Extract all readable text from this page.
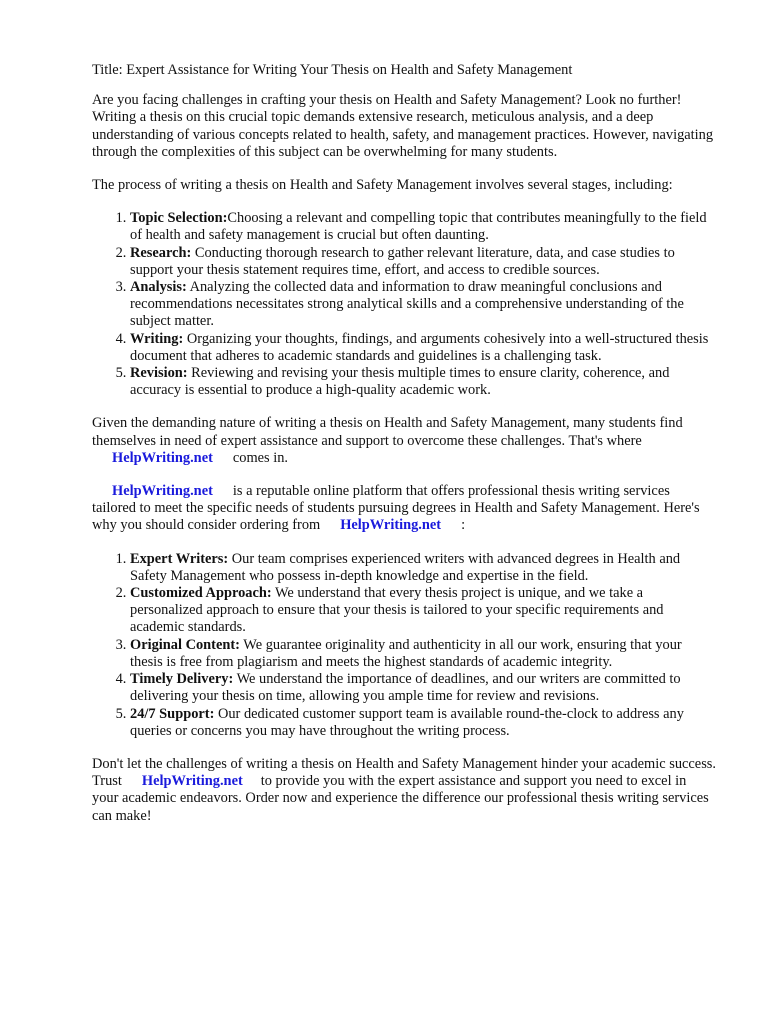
Title: Expert Assistance for Writing Your Thesis on Health and Safety Management

Are you facing challenges in crafting your thesis on Health and Safety Management? Look no further! Writing a thesis on this crucial topic demands extensive research, meticulous analysis, and a deep understanding of various concepts related to health, safety, and management practices. However, navigating through the complexities of this subject can be overwhelming for many students.

The process of writing a thesis on Health and Safety Management involves several stages, including:

1. Topic Selection:Choosing a relevant and compelling topic that contributes meaningfully to the field of health and safety management is crucial but often daunting.
2. Research: Conducting thorough research to gather relevant literature, data, and case studies to support your thesis statement requires time, effort, and access to credible sources.
3. Analysis: Analyzing the collected data and information to draw meaningful conclusions and recommendations necessitates strong analytical skills and a comprehensive understanding of the subject matter.
4. Writing: Organizing your thoughts, findings, and arguments cohesively into a well-structured thesis document that adheres to academic standards and guidelines is a challenging task.
5. Revision: Reviewing and revising your thesis multiple times to ensure clarity, coherence, and accuracy is essential to produce a high-quality academic work.

Given the demanding nature of writing a thesis on Health and Safety Management, many students find themselves in need of expert assistance and support to overcome these challenges. That's where
HelpWriting.net comes in.

HelpWriting.net is a reputable online platform that offers professional thesis writing services tailored to meet the specific needs of students pursuing degrees in Health and Safety Management. Here's why you should consider ordering from HelpWriting.net :

1. Expert Writers: Our team comprises experienced writers with advanced degrees in Health and Safety Management who possess in-depth knowledge and expertise in the field.
2. Customized Approach: We understand that every thesis project is unique, and we take a personalized approach to ensure that your thesis is tailored to your specific requirements and academic standards.
3. Original Content: We guarantee originality and authenticity in all our work, ensuring that your thesis is free from plagiarism and meets the highest standards of academic integrity.
4. Timely Delivery: We understand the importance of deadlines, and our writers are committed to delivering your thesis on time, allowing you ample time for review and revisions.
5. 24/7 Support: Our dedicated customer support team is available round-the-clock to address any queries or concerns you may have throughout the writing process.

Don't let the challenges of writing a thesis on Health and Safety Management hinder your academic success. Trust HelpWriting.net to provide you with the expert assistance and support you need to excel in your academic endeavors. Order now and experience the difference our professional thesis writing services can make!
